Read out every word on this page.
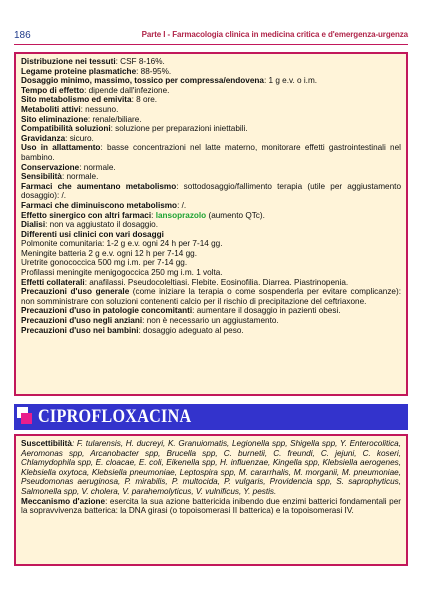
186	Parte I - Farmacologia clinica in medicina critica e d'emergenza-urgenza

Distribuzione nei tessuti: CSF 8-16%.

Legame proteine plasmatiche: 88-95%.

Dosaggio minimo, massimo, tossico per compressa/endovena: 1 g e.v. o i.m.

Tempo di effetto: dipende dall'infezione.

Sito metabolismo ed emivita: 8 ore.

Metaboliti attivi: nessuno.

Sito eliminazione: renale/biliare.

Compatibilità soluzioni: soluzione per preparazioni iniettabili.

Gravidanza: sicuro.

Uso in allattamento: basse concentrazioni nel latte materno, monitorare effetti gastrointestinali nel bambino.

Conservazione: normale.

Sensibilità: normale.

Farmaci che aumentano metabolismo: sottodosaggio/fallimento terapia (utile per aggiustamento dosaggio): /.

Farmaci che diminuiscono metabolismo: /.

Effetto sinergico con altri farmaci: lansoprazolo (aumento QTc).

Dialisi: non va aggiustato il dosaggio.

Differenti usi clinici con vari dosaggi

Polmonite comunitaria: 1-2 g e.v. ogni 24 h per 7-14 gg.

Meningite batteria 2 g e.v. ogni 12 h per 7-14 gg.

Uretrite gonococcica 500 mg i.m. per 7-14 gg.

Profilassi meningite menigogoccica 250 mg i.m. 1 volta.

Effetti collaterali: anafilassi. Pseudocoleltiasi. Flebite. Eosinofilia. Diarrea. Piastrinopenia.

Precauzioni d'uso generale (come iniziare la terapia o come sospenderla per evitare complicanze): non somministrare con soluzioni contenenti calcio per il rischio di precipitazione del ceftriaxone.

Precauzioni d'uso in patologie concomitanti: aumentare il dosaggio in pazienti obesi.

Precauzioni d'uso negli anziani: non è necessario un aggiustamento.

Precauzioni d'uso nei bambini: dosaggio adeguato al peso.

CIPROFLOXACINA

Suscettibilità: F. tularensis, H. ducreyi, K. Granuiomatis, Legionella spp, Shigella spp, Y. Enterocolitica, Aeromonas spp, Arcanobacter spp, Brucella spp, C. burnetii, C. freundi, C. jejuni, C. koseri, Chlamydophila spp, E. cloacae, E. coli, Eikenella spp, H. influenzae, Kingella spp, Klebsiella aerogenes, Klebsiella oxytoca, Klebsiella pneumoniae, Leptospira spp, M. cararrhalis, M. morganii, M. pneumoniae, Pseudomonas aeruginosa, P. mirabilis, P. multocida, P. vulgaris, Providencia spp, S. saprophyticus, Salmonella spp, V. cholera, V. parahemolyticus, V. vulnificus, Y. pestis.

Meccanismo d'azione: esercita la sua azione battericida inibendo due enzimi batterici fondamentali per la sopravvivenza batterica: la DNA girasi (o topoisomerasi II batterica) e la topoisomerasi IV.
